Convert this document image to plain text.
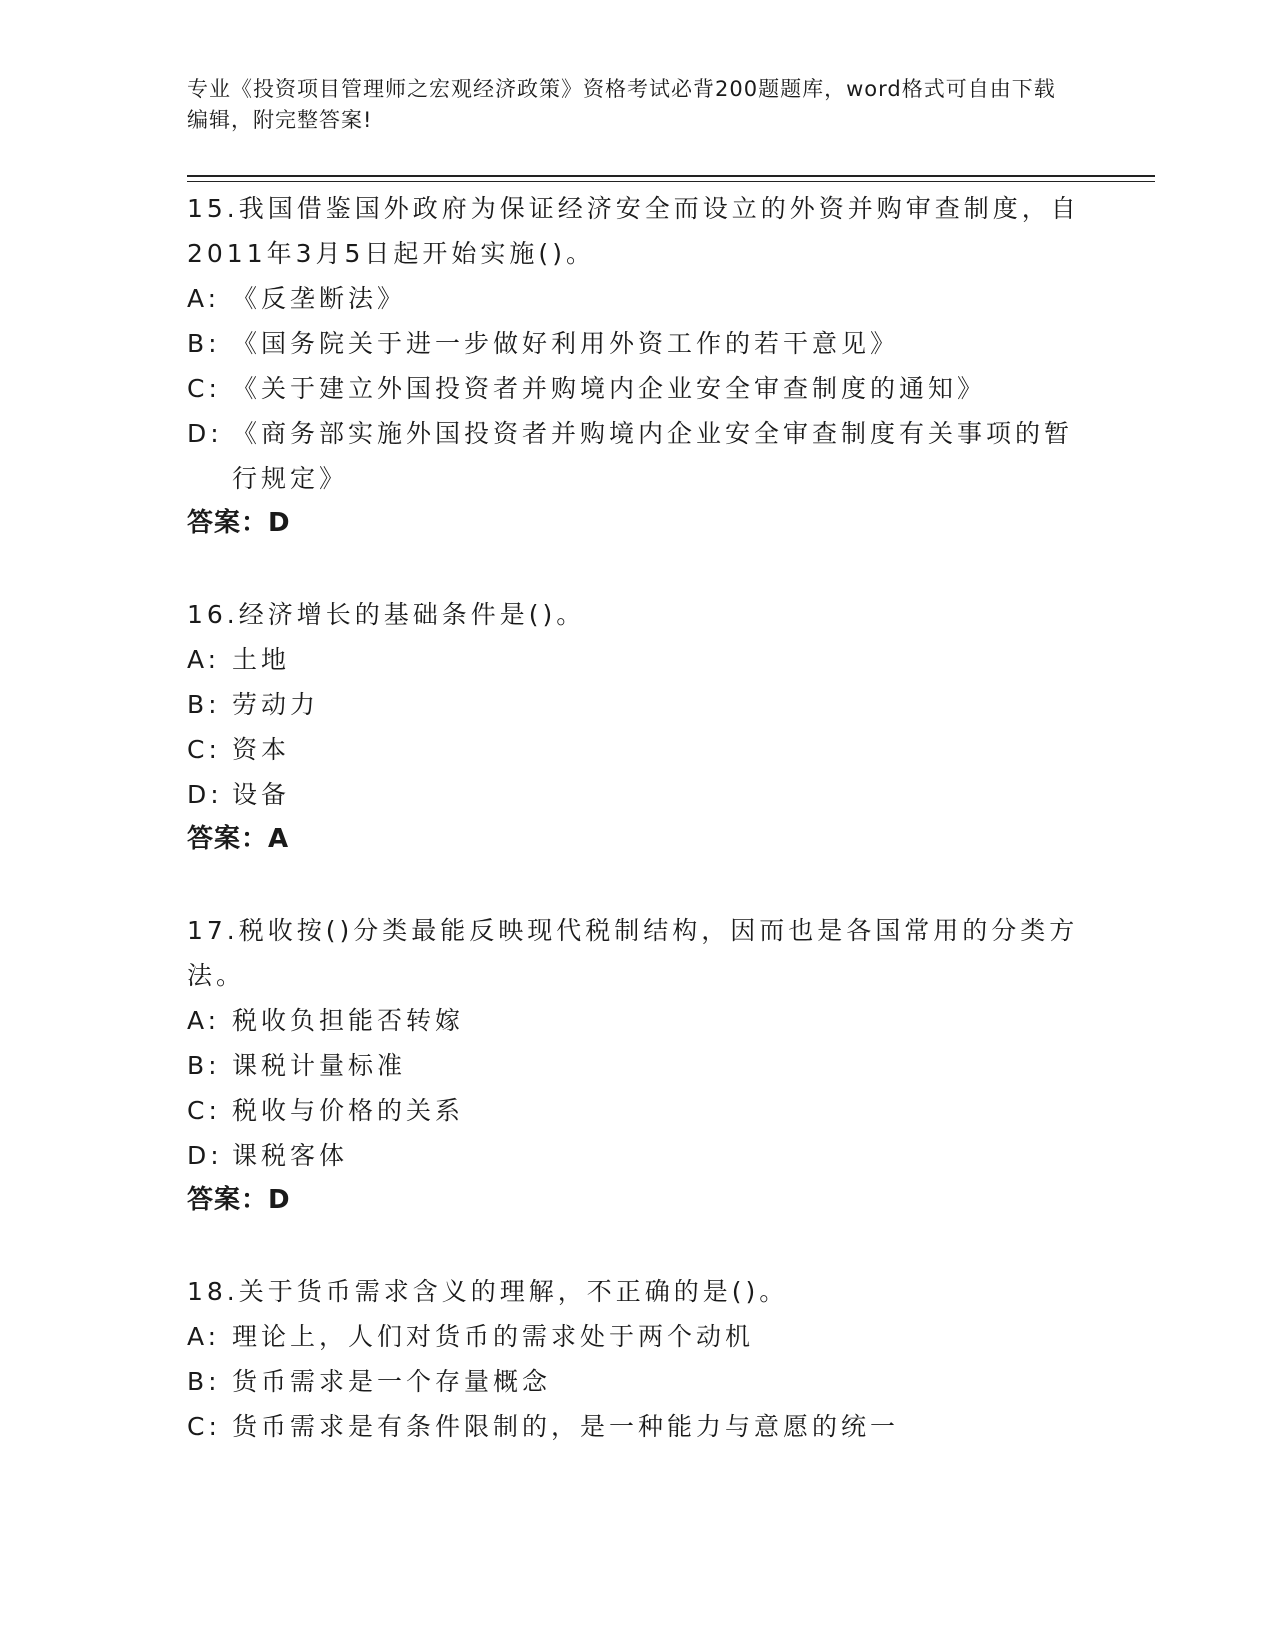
专业《投资项目管理师之宏观经济政策》资格考试必背200题题库，word格式可自由下载编辑，附完整答案!
15.我国借鉴国外政府为保证经济安全而设立的外资并购审查制度，自2011年3月5日起开始实施()。
A: 《反垄断法》
B: 《国务院关于进一步做好利用外资工作的若干意见》
C: 《关于建立外国投资者并购境内企业安全审查制度的通知》
D: 《商务部实施外国投资者并购境内企业安全审查制度有关事项的暂行规定》
答案：D
16.经济增长的基础条件是()。
A: 土地
B: 劳动力
C: 资本
D: 设备
答案：A
17.税收按()分类最能反映现代税制结构，因而也是各国常用的分类方法。
A: 税收负担能否转嫁
B: 课税计量标准
C: 税收与价格的关系
D: 课税客体
答案：D
18.关于货币需求含义的理解，不正确的是()。
A: 理论上，人们对货币的需求处于两个动机
B: 货币需求是一个存量概念
C: 货币需求是有条件限制的，是一种能力与意愿的统一
